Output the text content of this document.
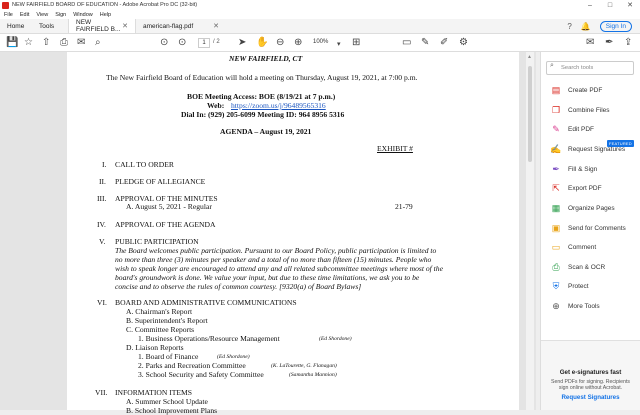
NEW FAIRFIELD BOARD OF EDUCATION - Adobe Acrobat Pro DC (32-bit)	–	□	✕
File Edit View Sign Window Help
Home	Tools	NEW FAIRFIELD B... ✕ american-flag.pdf	✕	? 🔔	Sign In
💾 ☆ ⇧ ⎙ ✉ ⌕	⊙ ⊙	1	/ 2 ➤ ✋ ⊖ ⊕ 100% ▾ ⊞	▭ ✎ ✐ ⚙	✉ ✒ ⇪
NEW FAIRFIELD, CT
The New Fairfield Board of Education will hold a meeting on Thursday, August 19, 2021, at 7:00 p.m.
BOE Meeting Access: BOE (8/19/21 at 7 p.m.)
Web: https://zoom.us/j/96489565316
Dial In: (929) 205-6099 Meeting ID: 964 8956 5316
AGENDA – August 19, 2021
EXHIBIT #
I. CALL TO ORDER
II. PLEDGE OF ALLEGIANCE
III. APPROVAL OF THE MINUTES
A. August 5, 2021 - Regular	21-79
IV. APPROVAL OF THE AGENDA
V. PUBLIC PARTICIPATION
The Board welcomes public participation. Pursuant to our Board Policy, public participation is limited to no more than three (3) minutes per speaker and a total of no more than fifteen (15) minutes. People who wish to speak longer are encouraged to attend any and all related subcommittee meetings where most of the board's groundwork is done. We value your input, but due to these time limitations, we ask you to be concise and to observe the rules of common courtesy. [9320(a) of Board Bylaws]
VI. BOARD AND ADMINISTRATIVE COMMUNICATIONS
A. Chairman's Report
B. Superintendent's Report
C. Committee Reports
1. Business Operations/Resource Management	(Ed Shordone)
D. Liaison Reports
1. Board of Finance	(Ed Shordone)
2. Parks and Recreation Committee	(K. LaTourette, G. Flanagan)
3. School Security and Safety Committee	(Samantha Mannion)
VII. INFORMATION ITEMS
A. Summer School Update
B. School Improvement Plans
▲
Search tools
⌕
FEATURED
▤ Create PDF
❐ Combine Files
✎ Edit PDF
✍ Request Signatures
✒ Fill & Sign
⇱ Export PDF
▦ Organize Pages
▣ Send for Comments
▭ Comment
⎙ Scan & OCR
⛨ Protect
⊕ More Tools
Get e-signatures fast
Send PDFs for signing. Recipients sign online without Acrobat.
Request Signatures
